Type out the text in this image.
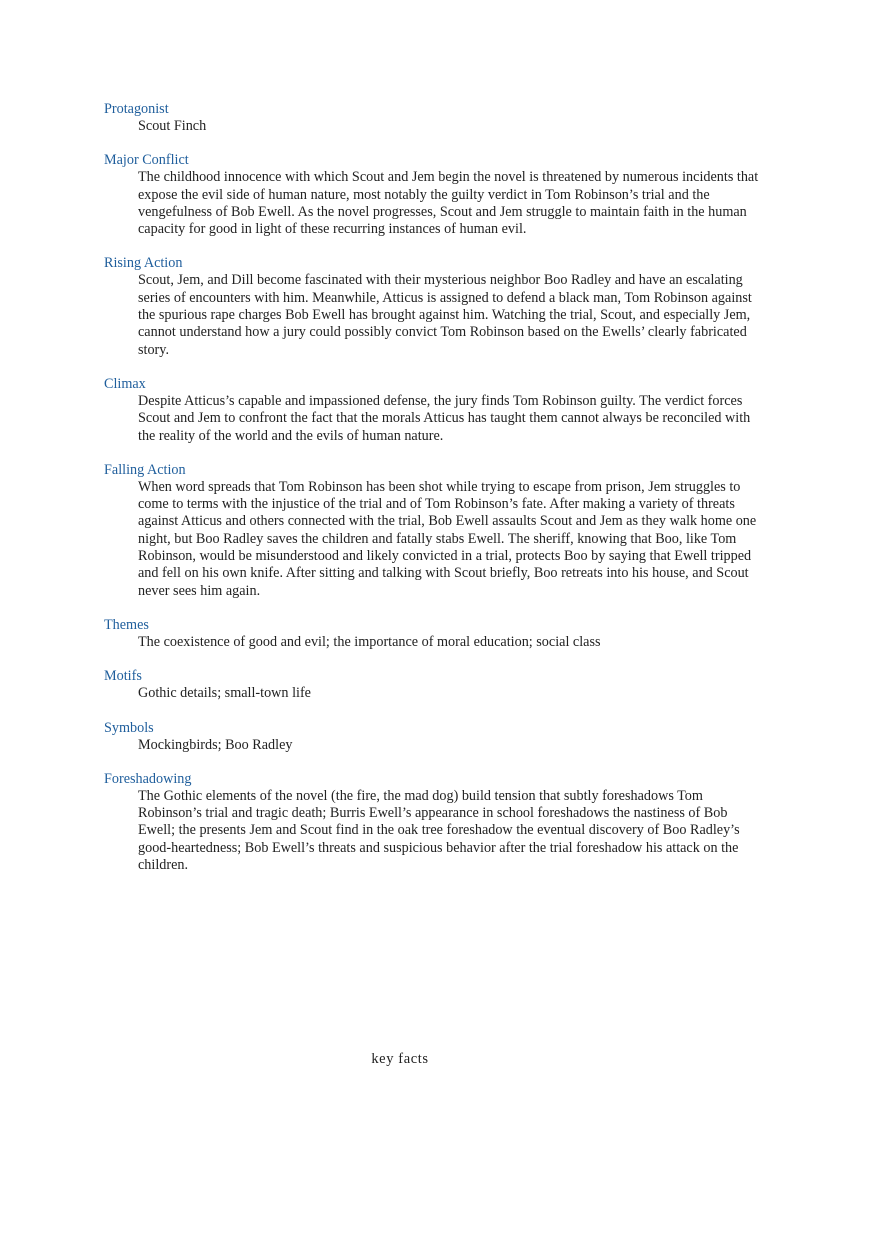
Protagonist

Scout Finch

Major Conflict

The childhood innocence with which Scout and Jem begin the novel is threatened by numerous incidents that expose the evil side of human nature, most notably the guilty verdict in Tom Robinson’s trial and the vengefulness of Bob Ewell. As the novel progresses, Scout and Jem struggle to maintain faith in the human capacity for good in light of these recurring instances of human evil.

Rising Action

Scout, Jem, and Dill become fascinated with their mysterious neighbor Boo Radley and have an escalating series of encounters with him. Meanwhile, Atticus is assigned to defend a black man, Tom Robinson against the spurious rape charges Bob Ewell has brought against him. Watching the trial, Scout, and especially Jem, cannot understand how a jury could possibly convict Tom Robinson based on the Ewells’ clearly fabricated story.

Climax

Despite Atticus’s capable and impassioned defense, the jury finds Tom Robinson guilty. The verdict forces Scout and Jem to confront the fact that the morals Atticus has taught them cannot always be reconciled with the reality of the world and the evils of human nature.

Falling Action

When word spreads that Tom Robinson has been shot while trying to escape from prison, Jem struggles to come to terms with the injustice of the trial and of Tom Robinson’s fate. After making a variety of threats against Atticus and others connected with the trial, Bob Ewell assaults Scout and Jem as they walk home one night, but Boo Radley saves the children and fatally stabs Ewell. The sheriff, knowing that Boo, like Tom Robinson, would be misunderstood and likely convicted in a trial, protects Boo by saying that Ewell tripped and fell on his own knife. After sitting and talking with Scout briefly, Boo retreats into his house, and Scout never sees him again.

Themes

The coexistence of good and evil; the importance of moral education; social class

Motifs

Gothic details; small-town life

Symbols

Mockingbirds; Boo Radley

Foreshadowing

The Gothic elements of the novel (the fire, the mad dog) build tension that subtly foreshadows Tom Robinson’s trial and tragic death; Burris Ewell’s appearance in school foreshadows the nastiness of Bob Ewell; the presents Jem and Scout find in the oak tree foreshadow the eventual discovery of Boo Radley’s good-heartedness; Bob Ewell’s threats and suspicious behavior after the trial foreshadow his attack on the children.

key facts
